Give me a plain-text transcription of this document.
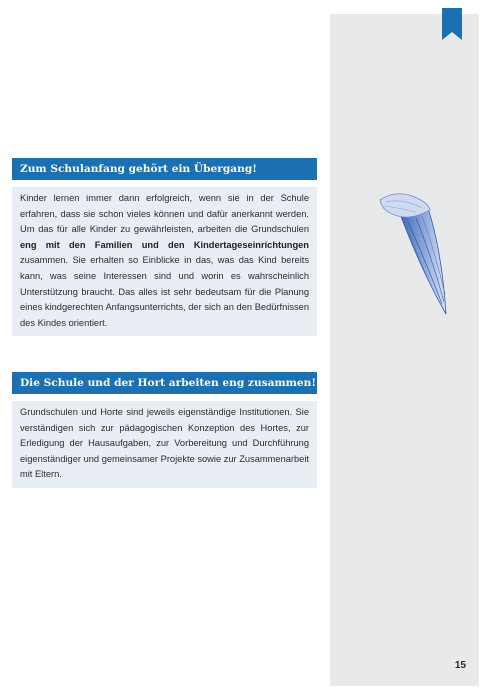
Zum Schulanfang gehört ein Übergang!
Kinder lernen immer dann erfolgreich, wenn sie in der Schule erfahren, dass sie schon vieles können und dafür anerkannt werden. Um das für alle Kinder zu gewährleisten, arbeiten die Grundschulen eng mit den Familien und den Kindertageseinrichtungen zusammen. Sie erhalten so Einblicke in das, was das Kind bereits kann, was seine Interessen sind und worin es wahrscheinlich Unterstützung braucht. Das alles ist sehr bedeutsam für die Planung eines kindgerechten Anfangsunterrichts, der sich an den Bedürfnissen des Kindes orientiert.
Die Schule und der Hort arbeiten eng zusammen!
Grundschulen und Horte sind jeweils eigenständige Institutionen. Sie verständigen sich zur pädagogischen Konzeption des Hortes, zur Erledigung der Hausaufgaben, zur Vorbereitung und Durchführung eigenständiger und gemeinsamer Projekte sowie zur Zusammenarbeit mit Eltern.
15
